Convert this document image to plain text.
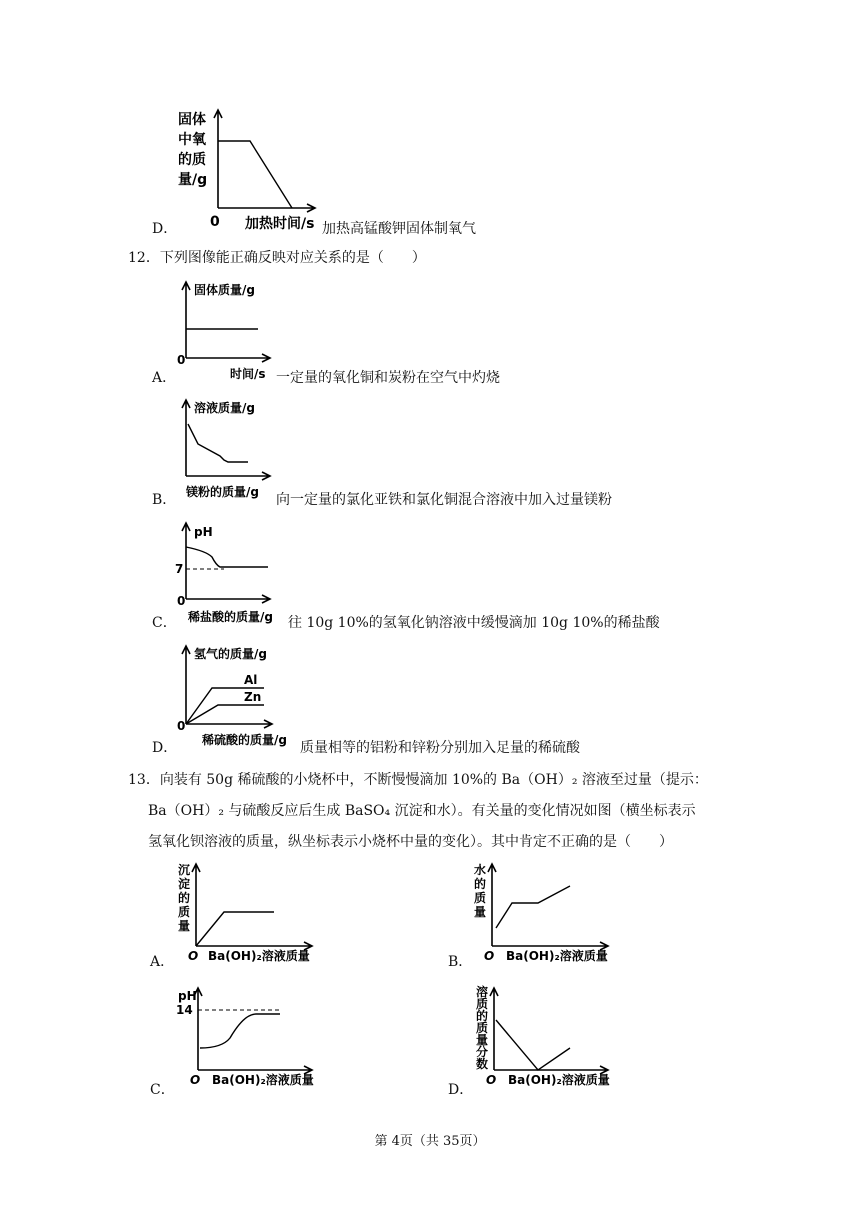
固体
中氧
的质
量/g
0 加热时间/s
D．	加热高锰酸钾固体制氧气
12．下列图像能正确反映对应关系的是（　　）
固体质量/g
0
时间/s
A．	一定量的氧化铜和炭粉在空气中灼烧
溶液质量/g
镁粉的质量/g
B．	向一定量的氯化亚铁和氯化铜混合溶液中加入过量镁粉
pH
7
0
稀盐酸的质量/g
C．	往 10g 10%的氢氧化钠溶液中缓慢滴加 10g 10%的稀盐酸
氢气的质量/g
Al
Zn
0
稀硫酸的质量/g
D．	质量相等的铝粉和锌粉分别加入足量的稀硫酸
13．向装有 50g 稀硫酸的小烧杯中，不断慢慢滴加 10%的 Ba（OH）₂ 溶液至过量（提示：
Ba（OH）₂ 与硫酸反应后生成 BaSO₄ 沉淀和水）。有关量的变化情况如图（横坐标表示
氢氧化钡溶液的质量，纵坐标表示小烧杯中量的变化）。其中肯定不正确的是（　　）
沉
淀
的
质
量
O Ba(OH)₂溶液质量
A．
水
的
质
量
O Ba(OH)₂溶液质量
B．
pH
14
O Ba(OH)₂溶液质量
C．
溶
质
的
质
量
分
数
O Ba(OH)₂溶液质量
D．
第 4页（共 35页）
